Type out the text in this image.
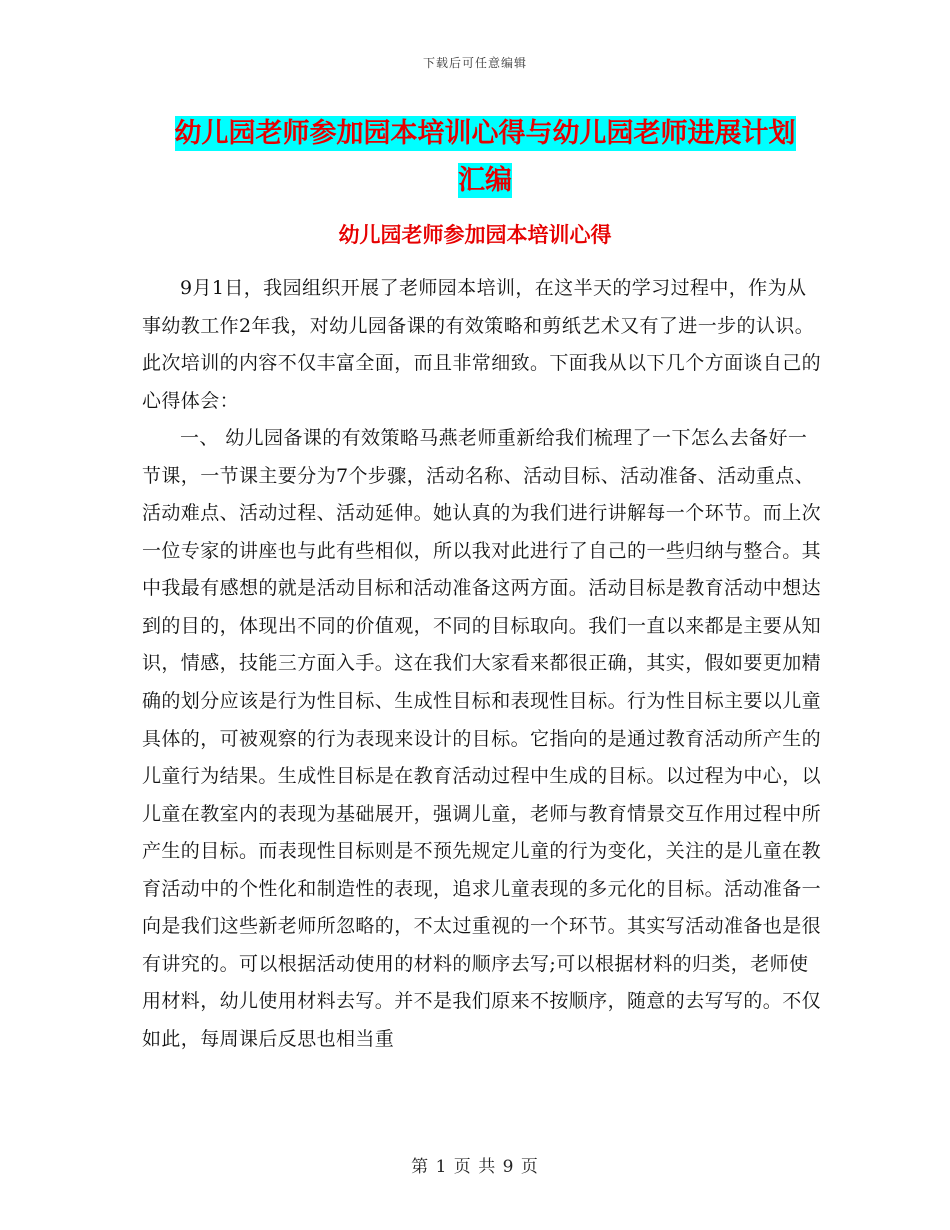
下载后可任意编辑
幼儿园老师参加园本培训心得与幼儿园老师进展计划
汇编
幼儿园老师参加园本培训心得

9月1日，我园组织开展了老师园本培训，在这半天的学习过程中，作为从事幼教工作2年我，对幼儿园备课的有效策略和剪纸艺术又有了进一步的认识。此次培训的内容不仅丰富全面，而且非常细致。下面我从以下几个方面谈自己的心得体会：

一、 幼儿园备课的有效策略马燕老师重新给我们梳理了一下怎么去备好一节课，一节课主要分为7个步骤，活动名称、活动目标、活动准备、活动重点、活动难点、活动过程、活动延伸。她认真的为我们进行讲解每一个环节。而上次一位专家的讲座也与此有些相似，所以我对此进行了自己的一些归纳与整合。其中我最有感想的就是活动目标和活动准备这两方面。活动目标是教育活动中想达到的目的，体现出不同的价值观，不同的目标取向。我们一直以来都是主要从知识，情感，技能三方面入手。这在我们大家看来都很正确，其实，假如要更加精确的划分应该是行为性目标、生成性目标和表现性目标。行为性目标主要以儿童具体的，可被观察的行为表现来设计的目标。它指向的是通过教育活动所产生的儿童行为结果。生成性目标是在教育活动过程中生成的目标。以过程为中心，以儿童在教室内的表现为基础展开，强调儿童，老师与教育情景交互作用过程中所产生的目标。而表现性目标则是不预先规定儿童的行为变化，关注的是儿童在教育活动中的个性化和制造性的表现，追求儿童表现的多元化的目标。活动准备一向是我们这些新老师所忽略的，不太过重视的一个环节。其实写活动准备也是很有讲究的。可以根据活动使用的材料的顺序去写;可以根据材料的归类，老师使用材料，幼儿使用材料去写。并不是我们原来不按顺序，随意的去写写的。不仅如此，每周课后反思也相当重

第 1 页 共 9 页
